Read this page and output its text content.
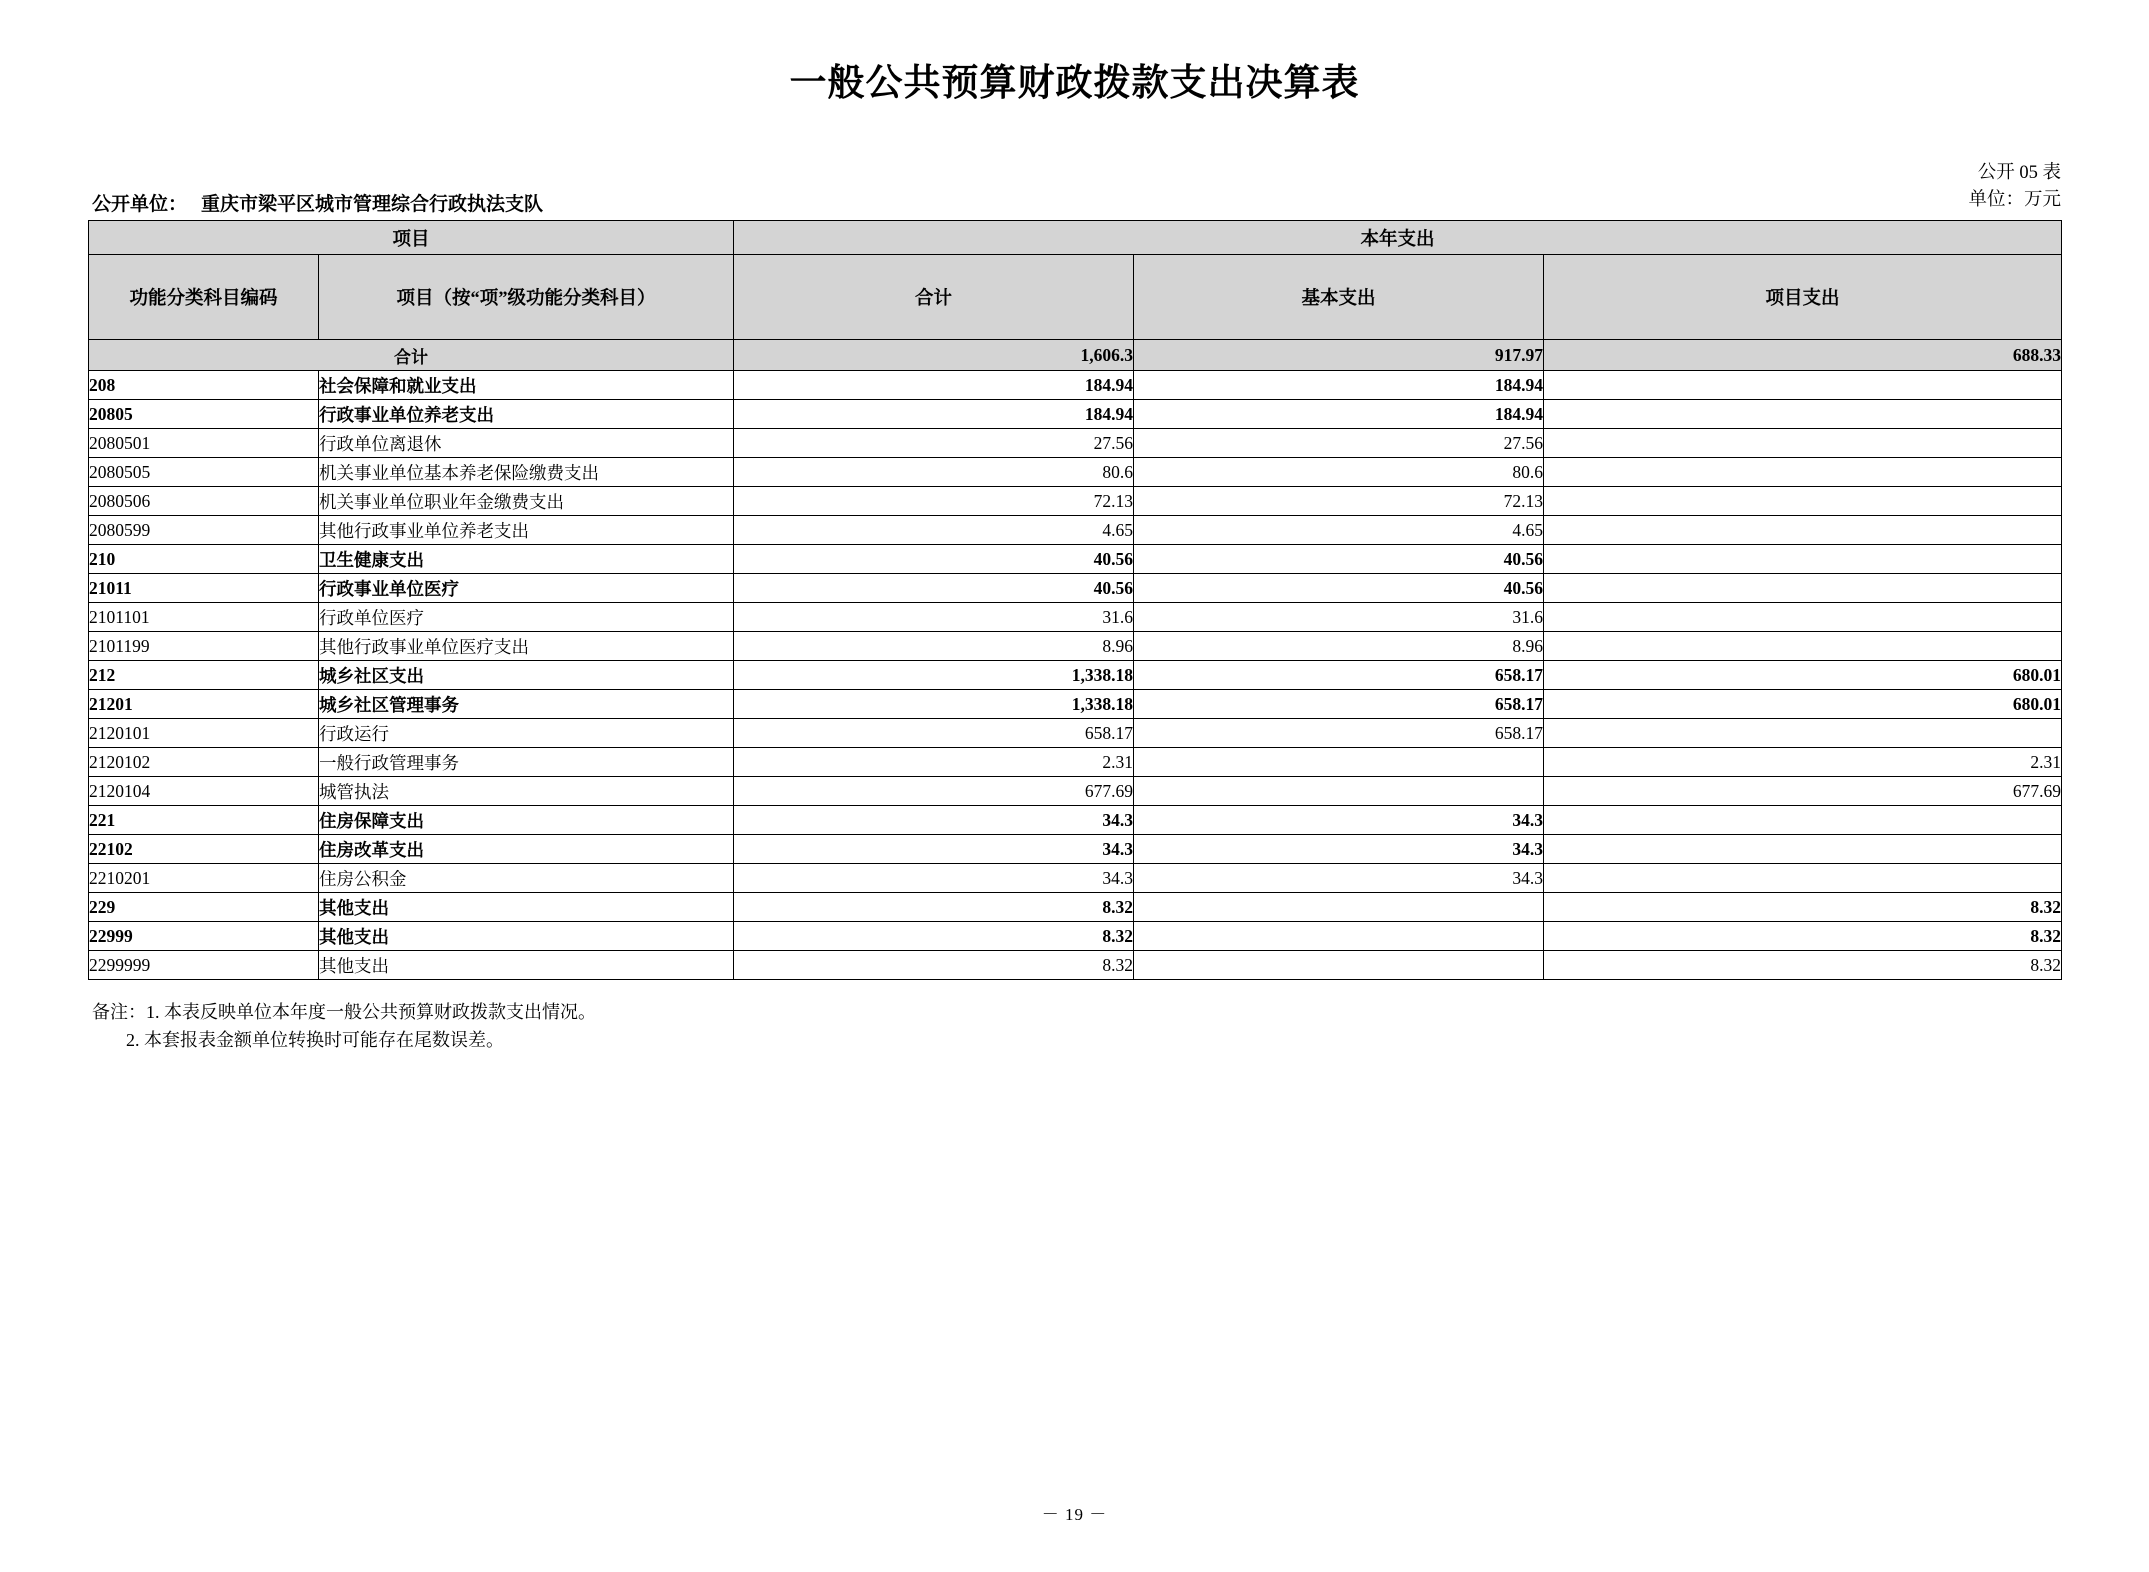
一般公共预算财政拨款支出决算表
公开 05 表
单位：万元
公开单位： 重庆市梁平区城市管理综合行政执法支队
项目		本年支出		
功能分类科目编码	项目（按“项”级功能分类科目）	合计	基本支出	项目支出
合计		1,606.3	917.97	688.33
208	社会保障和就业支出	184.94	184.94	
20805	行政事业单位养老支出	184.94	184.94	
2080501	行政单位离退休	27.56	27.56	
2080505	机关事业单位基本养老保险缴费支出	80.6	80.6	
2080506	机关事业单位职业年金缴费支出	72.13	72.13	
2080599	其他行政事业单位养老支出	4.65	4.65	
210	卫生健康支出	40.56	40.56	
21011	行政事业单位医疗	40.56	40.56	
2101101	行政单位医疗	31.6	31.6	
2101199	其他行政事业单位医疗支出	8.96	8.96	
212	城乡社区支出	1,338.18	658.17	680.01
21201	城乡社区管理事务	1,338.18	658.17	680.01
2120101	行政运行	658.17	658.17	
2120102	一般行政管理事务	2.31		2.31
2120104	城管执法	677.69		677.69
221	住房保障支出	34.3	34.3	
22102	住房改革支出	34.3	34.3	
2210201	住房公积金	34.3	34.3	
229	其他支出	8.32		8.32
22999	其他支出	8.32		8.32
2299999	其他支出	8.32		8.32
备注：1. 本表反映单位本年度一般公共预算财政拨款支出情况。
2. 本套报表金额单位转换时可能存在尾数误差。
－ 19 －
